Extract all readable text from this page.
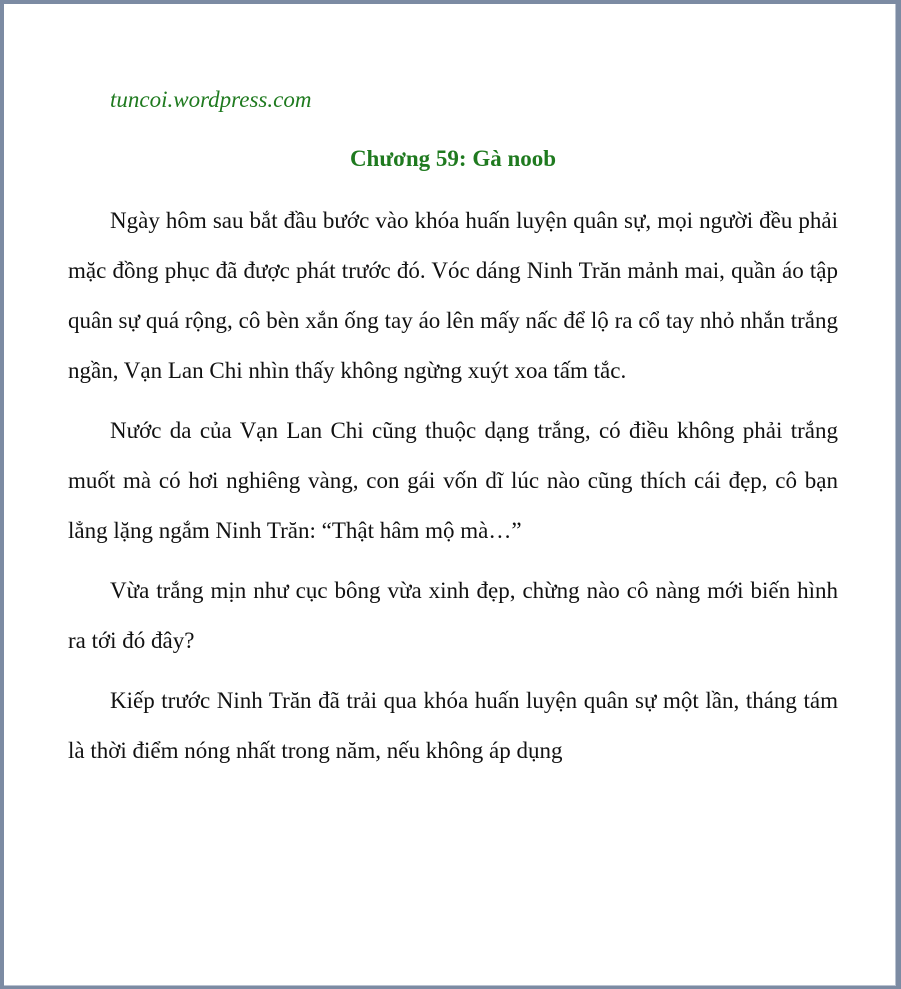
tuncoi.wordpress.com
Chương 59: Gà noob

Ngày hôm sau bắt đầu bước vào khóa huấn luyện quân sự, mọi người đều phải mặc đồng phục đã được phát trước đó. Vóc dáng Ninh Trăn mảnh mai, quần áo tập quân sự quá rộng, cô bèn xắn ống tay áo lên mấy nấc để lộ ra cổ tay nhỏ nhắn trắng ngần, Vạn Lan Chi nhìn thấy không ngừng xuýt xoa tấm tắc.

Nước da của Vạn Lan Chi cũng thuộc dạng trắng, có điều không phải trắng muốt mà có hơi nghiêng vàng, con gái vốn dĩ lúc nào cũng thích cái đẹp, cô bạn lẳng lặng ngắm Ninh Trăn: “Thật hâm mộ mà…”

Vừa trắng mịn như cục bông vừa xinh đẹp, chừng nào cô nàng mới biến hình ra tới đó đây?

Kiếp trước Ninh Trăn đã trải qua khóa huấn luyện quân sự một lần, tháng tám là thời điểm nóng nhất trong năm, nếu không áp dụng
